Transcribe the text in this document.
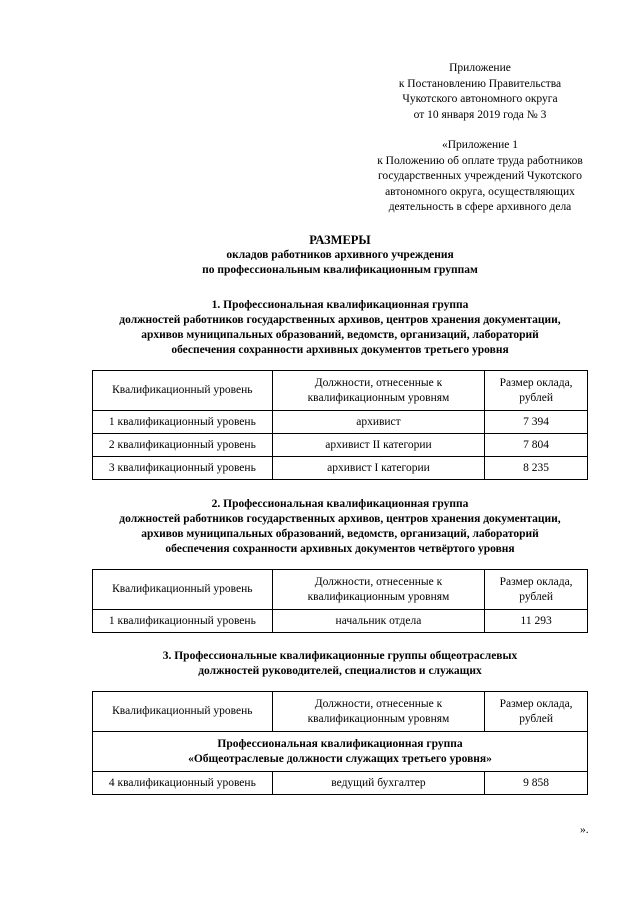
Приложение
к Постановлению Правительства
Чукотского автономного округа
от 10 января 2019 года № 3
«Приложение 1
к Положению об оплате труда работников
государственных учреждений Чукотского
автономного округа, осуществляющих
деятельность в сфере архивного дела
РАЗМЕРЫ
окладов работников архивного учреждения
по профессиональным квалификационным группам
1. Профессиональная квалификационная группа
должностей работников государственных архивов, центров хранения документации,
архивов муниципальных образований, ведомств, организаций, лабораторий
обеспечения сохранности архивных документов третьего уровня
Квалификационный уровень	Должности, отнесенные к квалификационным уровням	Размер оклада, рублей
1 квалификационный уровень	архивист	7 394
2 квалификационный уровень	архивист II категории	7 804
3 квалификационный уровень	архивист I категории	8 235
2. Профессиональная квалификационная группа
должностей работников государственных архивов, центров хранения документации,
архивов муниципальных образований, ведомств, организаций, лабораторий
обеспечения сохранности архивных документов четвёртого уровня
Квалификационный уровень	Должности, отнесенные к квалификационным уровням	Размер оклада, рублей
1 квалификационный уровень	начальник отдела	11 293
3. Профессиональные квалификационные группы общеотраслевых
должностей руководителей, специалистов и служащих
Квалификационный уровень	Должности, отнесенные к квалификационным уровням	Размер оклада, рублей

Профессиональная квалификационная группа
«Общеотраслевые должности служащих третьего уровня»		

4 квалификационный уровень	ведущий бухгалтер	9 858
».
